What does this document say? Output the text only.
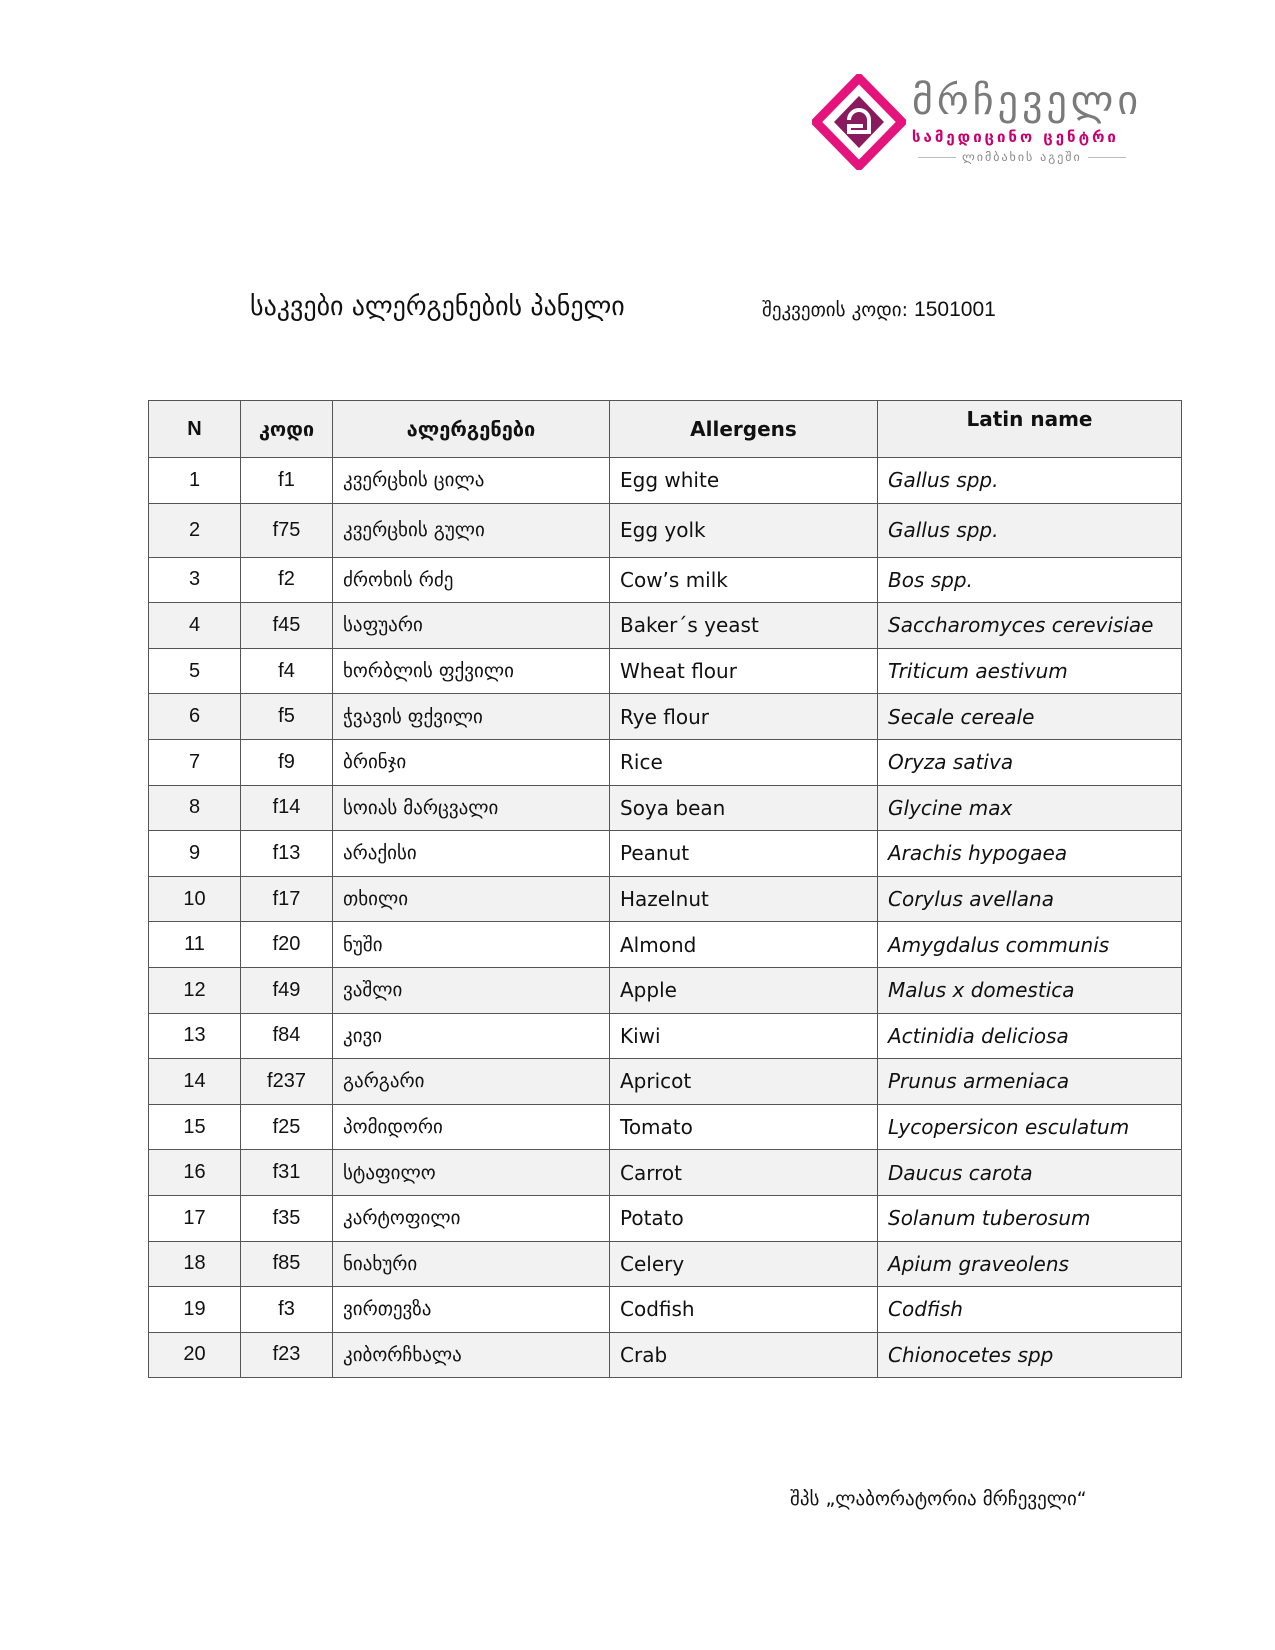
მრჩეველი
სამედიცინო ცენტრი
ლიმბახის აგეში
საკვები ალერგენების პანელი	შეკვეთის კოდი: 1501001
N	კოდი	ალერგენები	Allergens	Latin name
1	f1	კვერცხის ცილა	Egg white	Gallus spp.
2	f75	კვერცხის გული	Egg yolk	Gallus spp.
3	f2	ძროხის რძე	Cow’s milk	Bos spp.
4	f45	საფუარი	Baker´s yeast	Saccharomyces cerevisiae
5	f4	ხორბლის ფქვილი	Wheat flour	Triticum aestivum
6	f5	ჭვავის ფქვილი	Rye flour	Secale cereale
7	f9	ბრინჯი	Rice	Oryza sativa
8	f14	სოიას მარცვალი	Soya bean	Glycine max
9	f13	არაქისი	Peanut	Arachis hypogaea
10	f17	თხილი	Hazelnut	Corylus avellana
11	f20	ნუში	Almond	Amygdalus communis
12	f49	ვაშლი	Apple	Malus x domestica
13	f84	კივი	Kiwi	Actinidia deliciosa
14	f237	გარგარი	Apricot	Prunus armeniaca
15	f25	პომიდორი	Tomato	Lycopersicon esculatum
16	f31	სტაფილო	Carrot	Daucus carota
17	f35	კარტოფილი	Potato	Solanum tuberosum
18	f85	ნიახური	Celery	Apium graveolens
19	f3	ვირთევზა	Codfish	Codfish
20	f23	კიბორჩხალა	Crab	Chionocetes spp
შპს „ლაბორატორია მრჩეველი“
